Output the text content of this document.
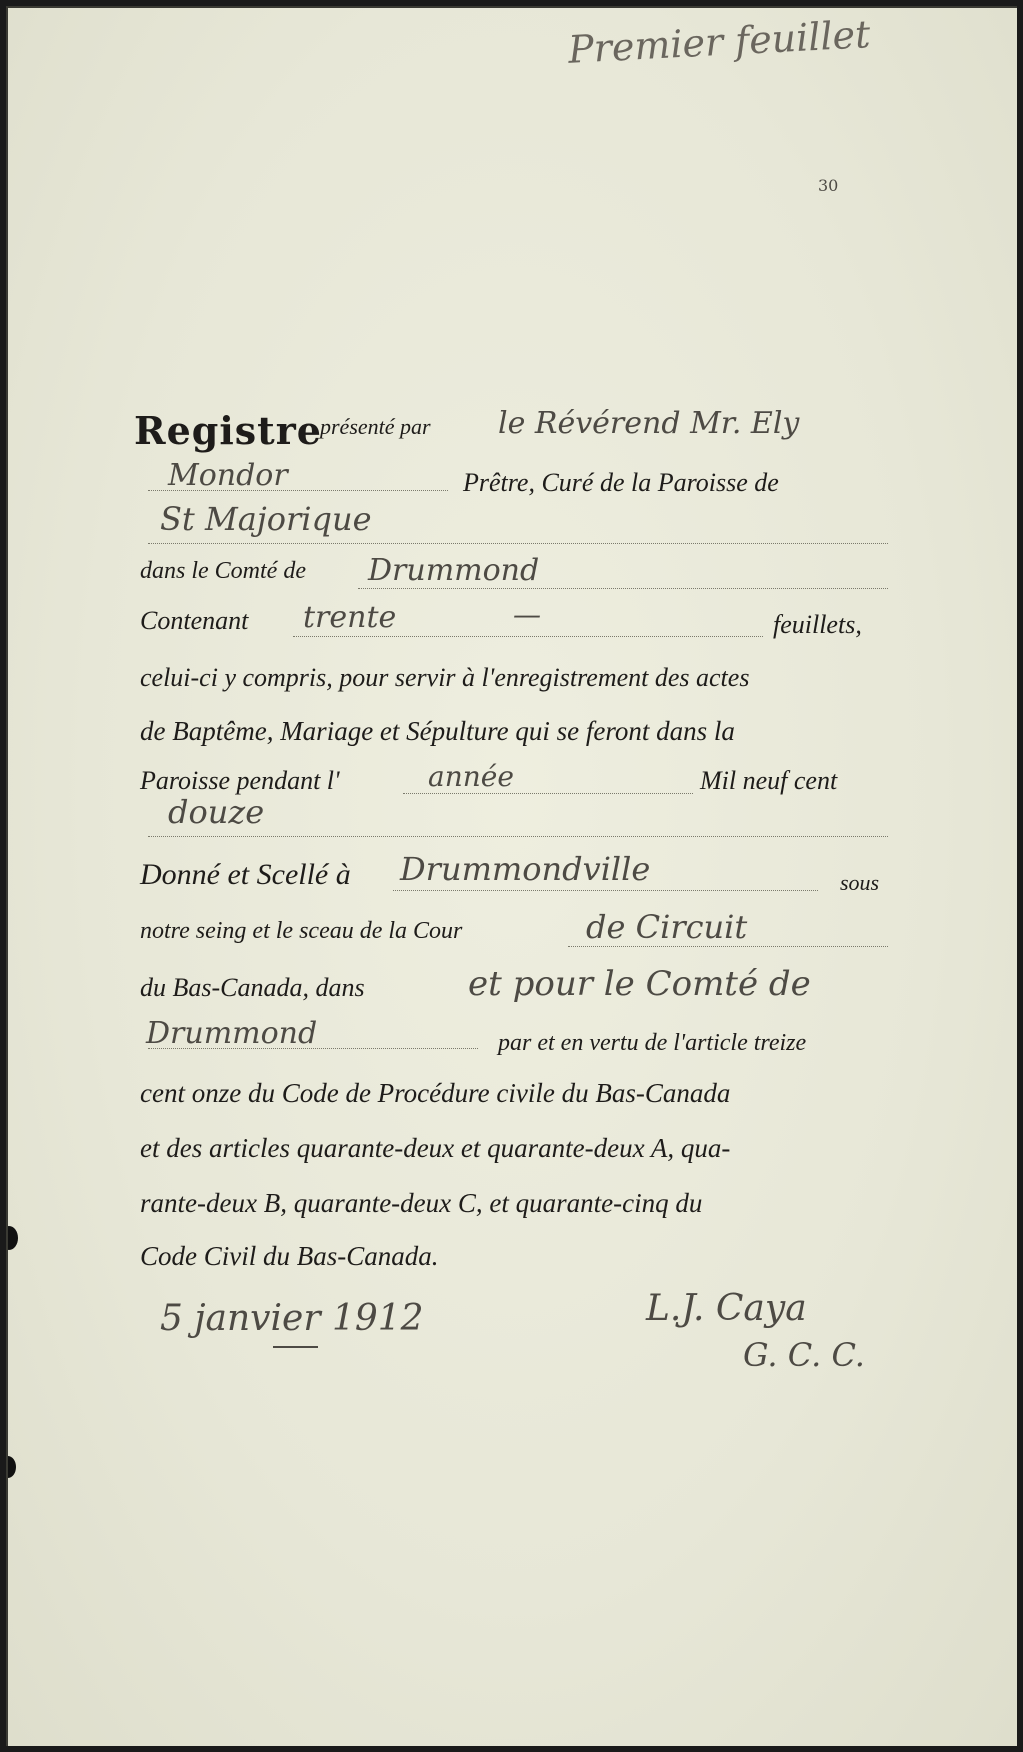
Premier feuillet
30
Registre
présenté par le Révérend Mr. Ely
Mondor	Prêtre, Curé de la Paroisse de
St Majorique
dans le Comté de Drummond
Contenant trente	—	feuillets,
celui-ci y compris, pour servir à l'enregistrement des actes
de Baptême, Mariage et Sépulture qui se feront dans la
Paroisse pendant l'	année	Mil neuf cent
douze
Donné et Scellé à Drummondville	sous
notre seing et le sceau de la Cour	de Circuit
du Bas-Canada, dans	et pour le Comté de
Drummond	par et en vertu de l'article treize
cent onze du Code de Procédure civile du Bas-Canada
et des articles quarante-deux et quarante-deux A, qua-
rante-deux B, quarante-deux C, et quarante-cinq du
Code Civil du Bas-Canada.
5 janvier 1912	L.J. Caya
G. C. C.
